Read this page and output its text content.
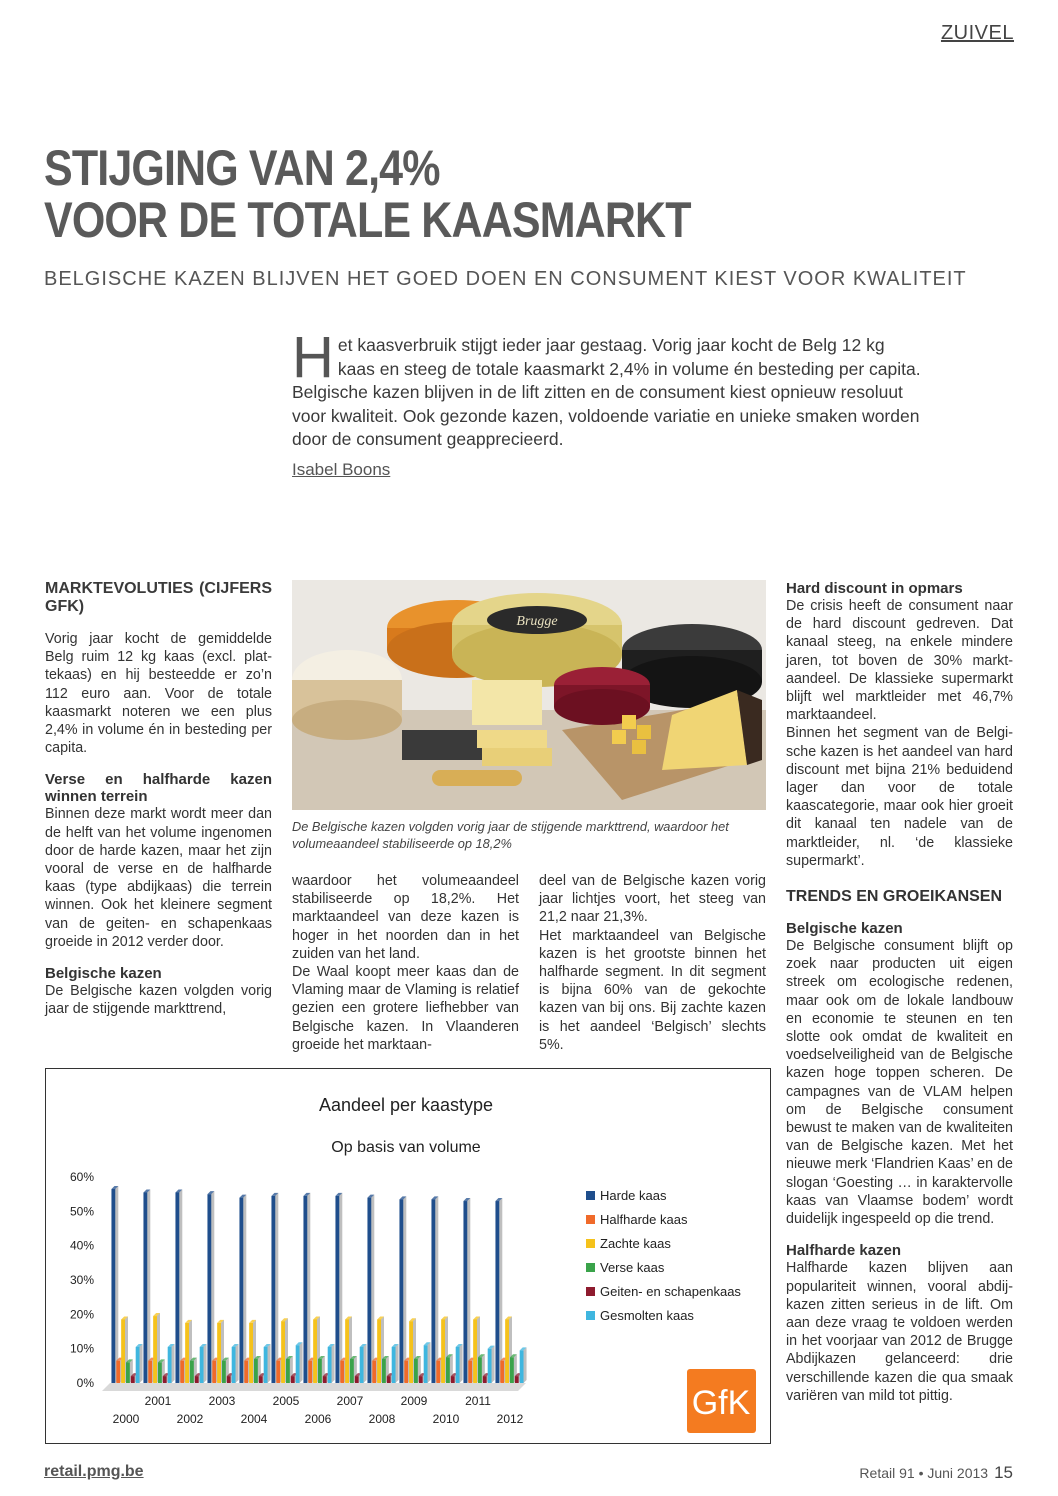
ZUIVEL
STIJGING VAN 2,4%
VOOR DE TOTALE KAASMARKT
BELGISCHE KAZEN BLIJVEN HET GOED DOEN EN CONSUMENT KIEST VOOR KWALITEIT
H et kaasverbruik stijgt ieder jaar gestaag. Vorig jaar kocht de Belg 12 kg kaas en steeg de totale kaasmarkt 2,4% in volume én besteding per capita. Belgische kazen blijven in de lift zitten en de consument kiest opnieuw resoluut voor kwaliteit. Ook gezonde kazen, voldoende variatie en unieke smaken worden door de consument geapprecieerd.
Isabel Boons
MARKTEVOLUTIES (CIJFERS GFK)

Vorig jaar kocht de gemiddelde Belg ruim 12 kg kaas (excl. plattekaas) en hij besteedde er zo’n 112 euro aan. Voor de totale kaasmarkt noteren we een plus 2,4% in volume én in besteding per capita.

Verse en halfharde kazen winnen terrein

Binnen deze markt wordt meer dan de helft van het volume ingenomen door de harde kazen, maar het zijn vooral de verse en de halfharde kaas (type abdijkaas) die terrein winnen. Ook het kleinere segment van de geiten- en schapenkaas groeide in 2012 verder door.

Belgische kazen

De Belgische kazen volgden vorig jaar de stijgende markttrend,

Brugge
De Belgische kazen volgden vorig jaar de stijgende markttrend, waardoor het volumeaandeel stabiliseerde op 18,2%

waardoor het volumeaandeel stabiliseerde op 18,2%. Het marktaandeel van deze kazen is hoger in het noorden dan in het zuiden van het land.

De Waal koopt meer kaas dan de Vlaming maar de Vlaming is relatief gezien een grotere liefhebber van Belgische kazen. In Vlaanderen groeide het marktaan-

deel van de Belgische kazen vorig jaar lichtjes voort, het steeg van 21,2 naar 21,3%.

Het marktaandeel van Belgische kazen is het grootste binnen het halfharde segment. In dit segment is bijna 60% van de gekochte kazen van bij ons. Bij zachte kazen is het aandeel ‘Belgisch’ slechts 5%.

Hard discount in opmars

De crisis heeft de consument naar de hard discount gedreven. Dat kanaal steeg, na enkele mindere jaren, tot boven de 30% marktaandeel. De klassieke supermarkt blijft wel marktleider met 46,7% marktaandeel.

Binnen het segment van de Belgische kazen is het aandeel van hard discount met bijna 21% beduidend lager dan voor de totale kaascategorie, maar ook hier groeit dit kanaal ten nadele van de marktleider, nl. ‘de klassieke supermarkt’.

TRENDS EN GROEIKANSEN
Belgische kazen

De Belgische consument blijft op zoek naar producten uit eigen streek om ecologische redenen, maar ook om de lokale landbouw en economie te steunen en ten slotte ook omdat de kwaliteit en voedselveiligheid van de Belgische kazen hoge toppen scheren. De campagnes van de VLAM helpen om de Belgische consument bewust te maken van de kwaliteiten van de Belgische kazen. Met het nieuwe merk ‘Flandrien Kaas’ en de slogan ‘Goesting … in karaktervolle kaas van Vlaamse bodem’ wordt duidelijk ingespeeld op die trend.

Halfharde kazen

Halfharde kazen blijven aan populariteit winnen, vooral abdijkazen zitten serieus in de lift. Om aan deze vraag te voldoen werden in het voorjaar van 2012 de Brugge Abdijkazen gelanceerd: drie verschillende kazen die qua smaak variëren van mild tot pittig.

Aandeel per kaastype
Op basis van volume
0%
10%
20%
30%
40%
50%
60%
2000
2001
2002
2003
2004
2005
2006
2007
2008
2009
2010
2011
2012
Harde kaas
Halfharde kaas
Zachte kaas
Verse kaas
Geiten- en schapenkaas
Gesmolten kaas
GfK
retail.pmg.be	Retail 91 • Juni 2013 15
